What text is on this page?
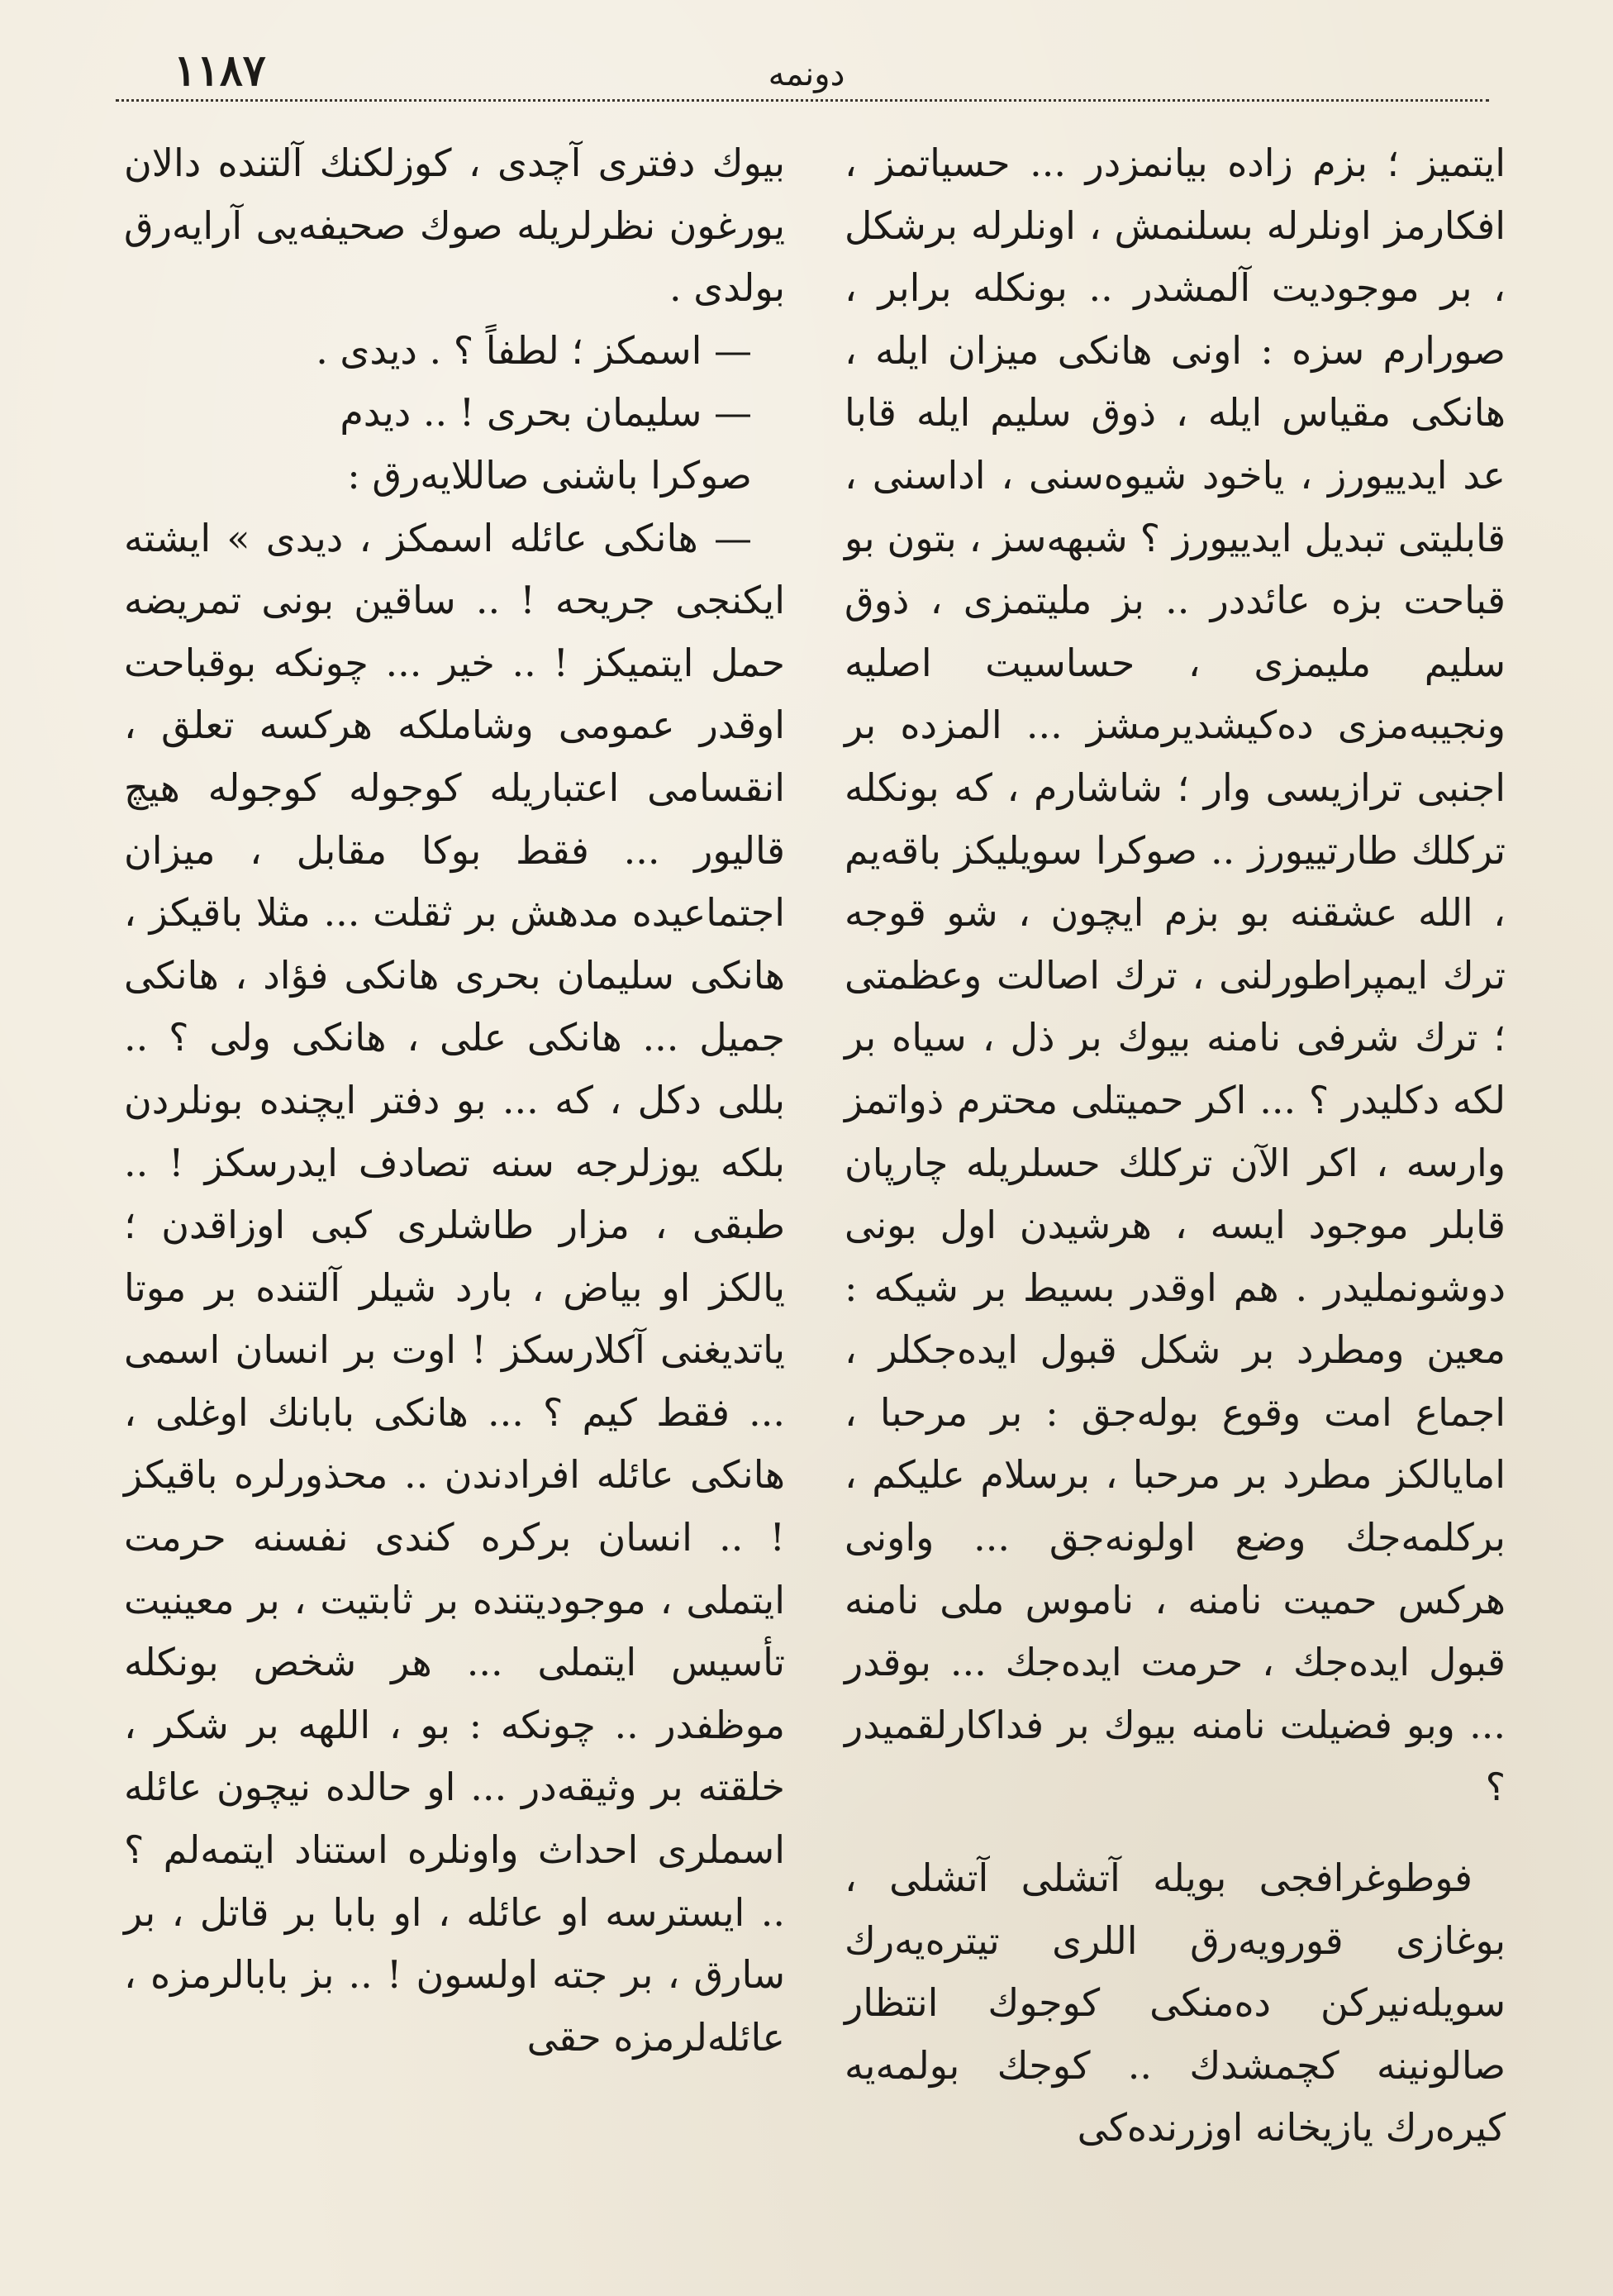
١١٨٧	دونمه

ایتمیز ؛ بزم زاده بیانمزدر ... حسیاتمز ، افکارمز اونلرله بسلنمش ، اونلرله برشکل ، بر موجودیت آلمشدر .. بونکله برابر ، صورارم سزه : اونی هانکی میزان ایله ، هانکی مقیاس ایله ، ذوق سلیم ایله قابا عد ایدییورز ، یاخود شیوه‌سنی ، اداسنی ، قابلیتی تبدیل ایدییورز ؟ شبهه‌سز ، بتون بو قباحت بزه عائددر .. بز ملیتمزی ، ذوق سلیم ملیمزی ، حساسیت اصلیه ونجیبه‌مزی ده‌کیشدیرمشز ... المزده بر اجنبی ترازیسی وار ؛ شاشارم ، که بونکله ترکلك طارتییورز .. صوکرا سویلیکز باقه‌یم ، الله عشقنه بو بزم ایچون ، شو قوجه ترك ایمپراطورلنی ، ترك اصالت وعظمتی ؛ ترك شرفی نامنه بیوك بر ذل ، سیاه بر لکه دکلیدر ؟ ... اکر حمیتلی محترم ذواتمز وارسه ، اکر الآن ترکلك حسلریله چارپان قابلر موجود ایسه ، هرشیدن اول بونی دوشونملیدر . هم اوقدر بسیط بر شیکه : معین ومطرد بر شکل قبول ایده‌جکلر ، اجماع امت وقوع بوله‌جق : بر مرحبا ، امایالکز مطرد بر مرحبا ، برسلام علیکم ، برکلمه‌جك وضع اولونه‌جق ... واونی هرکس حمیت نامنه ، ناموس ملی نامنه قبول ایده‌جك ، حرمت ایده‌جك ... بوقدر ... وبو فضیلت نامنه بیوك بر فداکارلقمیدر ؟

فوطوغرافجی بویله آتشلی آتشلی ، بوغازی قورویه‌رق اللری تیتره‌یه‌رك سویله‌نیرکن ده‌منکی کوجوك انتظار صالونینه کچمشدك .. کوجك بولمه‌یه کیره‌رك یازیخانه اوزرنده‌کی

بیوك دفتری آچدی ، کوزلکنك آلتنده دالان یورغون نظرلریله صوك صحیفه‌یی آرایه‌رق بولدی .

— اسمکز ؛ لطفاً ؟ . دیدی .

— سلیمان بحری ! .. دیدم

صوکرا باشنی صاللایه‌رق :

— هانکی عائله اسمکز ، دیدی » ایشته ایکنجی جریحه ! .. ساقین بونی تمریضه حمل ایتمیکز ! .. خیر ... چونکه بوقباحت اوقدر عمومی وشاملکه هرکسه تعلق ، انقسامی اعتباریله کوجوله کوجوله هیچ قالیور ... فقط بوکا مقابل ، میزان اجتماعیده مدهش بر ثقلت ... مثلا باقیکز ، هانکی سلیمان بحری هانکی فؤاد ، هانکی جمیل ... هانکی علی ، هانکی ولی ؟ .. بللی دکل ، که ... بو دفتر ایچنده بونلردن بلکه یوزلرجه سنه تصادف ایدرسکز ! .. طبقی ، مزار طاشلری کبی اوزاقدن ؛ یالکز او بیاض ، بارد شیلر آلتنده بر موتا یاتدیغنی آکلارسکز ! اوت بر انسان اسمی ... فقط کیم ؟ ... هانکی بابانك اوغلی ، هانکی عائله افرادندن .. محذورلره باقیکز ! .. انسان برکره کندی نفسنه حرمت ایتملی ، موجودیتنده بر ثابتیت ، بر معینیت تأسیس ایتملی ... هر شخص بونکله موظفدر .. چونکه : بو ، اللهه بر شکر ، خلقته بر وثیقه‌در ... او حالده نیچون عائله اسملری احداث واونلره استناد ایتمه‌لم ؟ .. ایسترسه او عائله ، او بابا بر قاتل ، بر سارق ، بر جته اولسون ! .. بز بابالرمزه ، عائله‌لرمزه حقی
